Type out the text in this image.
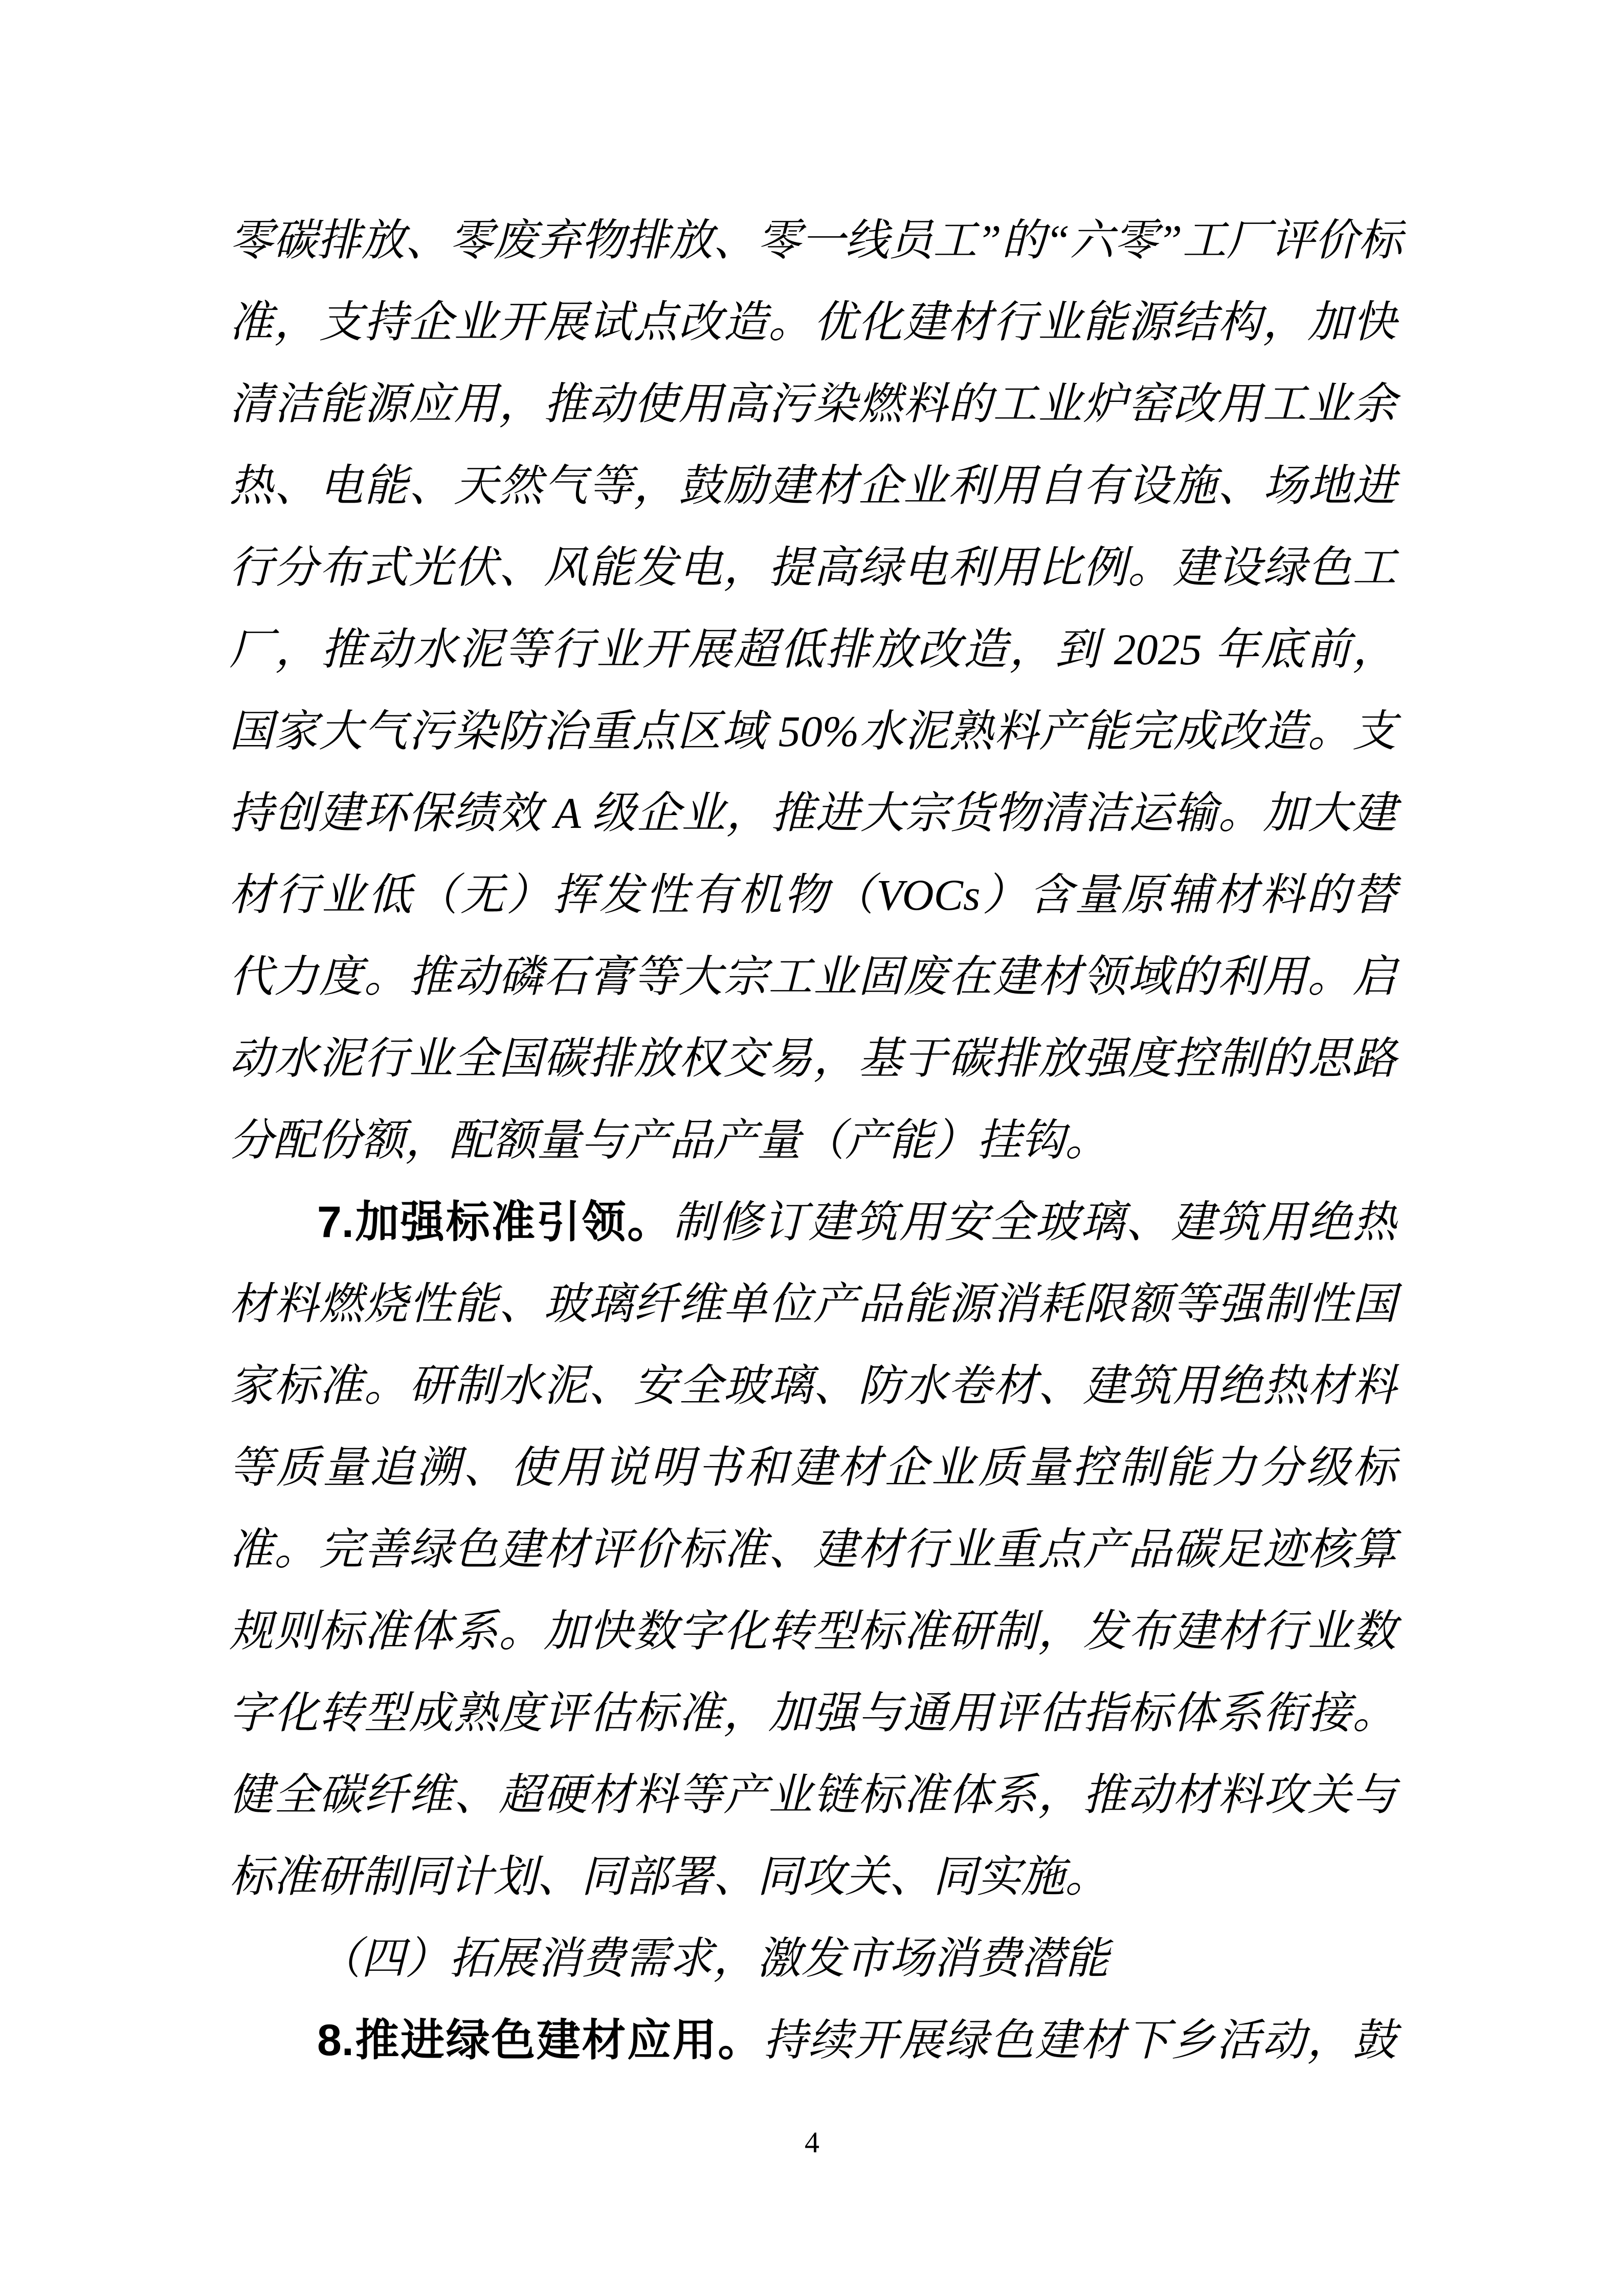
零碳排放、零废弃物排放、零一线员工”的“六零”工厂评价标
准，支持企业开展试点改造。优化建材行业能源结构，加快
清洁能源应用，推动使用高污染燃料的工业炉窑改用工业余
热、电能、天然气等，鼓励建材企业利用自有设施、场地进
行分布式光伏、风能发电，提高绿电利用比例。建设绿色工
厂，推动水泥等行业开展超低排放改造，到 2025 年底前，
国家大气污染防治重点区域 50%水泥熟料产能完成改造。支
持创建环保绩效 A 级企业，推进大宗货物清洁运输。加大建
材行业低（无）挥发性有机物（VOCs）含量原辅材料的替
代力度。推动磷石膏等大宗工业固废在建材领域的利用。启
动水泥行业全国碳排放权交易，基于碳排放强度控制的思路
分配份额，配额量与产品产量（产能）挂钩。
7.加强标准引领。制修订建筑用安全玻璃、建筑用绝热
材料燃烧性能、玻璃纤维单位产品能源消耗限额等强制性国
家标准。研制水泥、安全玻璃、防水卷材、建筑用绝热材料
等质量追溯、使用说明书和建材企业质量控制能力分级标
准。完善绿色建材评价标准、建材行业重点产品碳足迹核算
规则标准体系。加快数字化转型标准研制，发布建材行业数
字化转型成熟度评估标准，加强与通用评估指标体系衔接。
健全碳纤维、超硬材料等产业链标准体系，推动材料攻关与
标准研制同计划、同部署、同攻关、同实施。
（四）拓展消费需求，激发市场消费潜能
8.推进绿色建材应用。持续开展绿色建材下乡活动，鼓
4
